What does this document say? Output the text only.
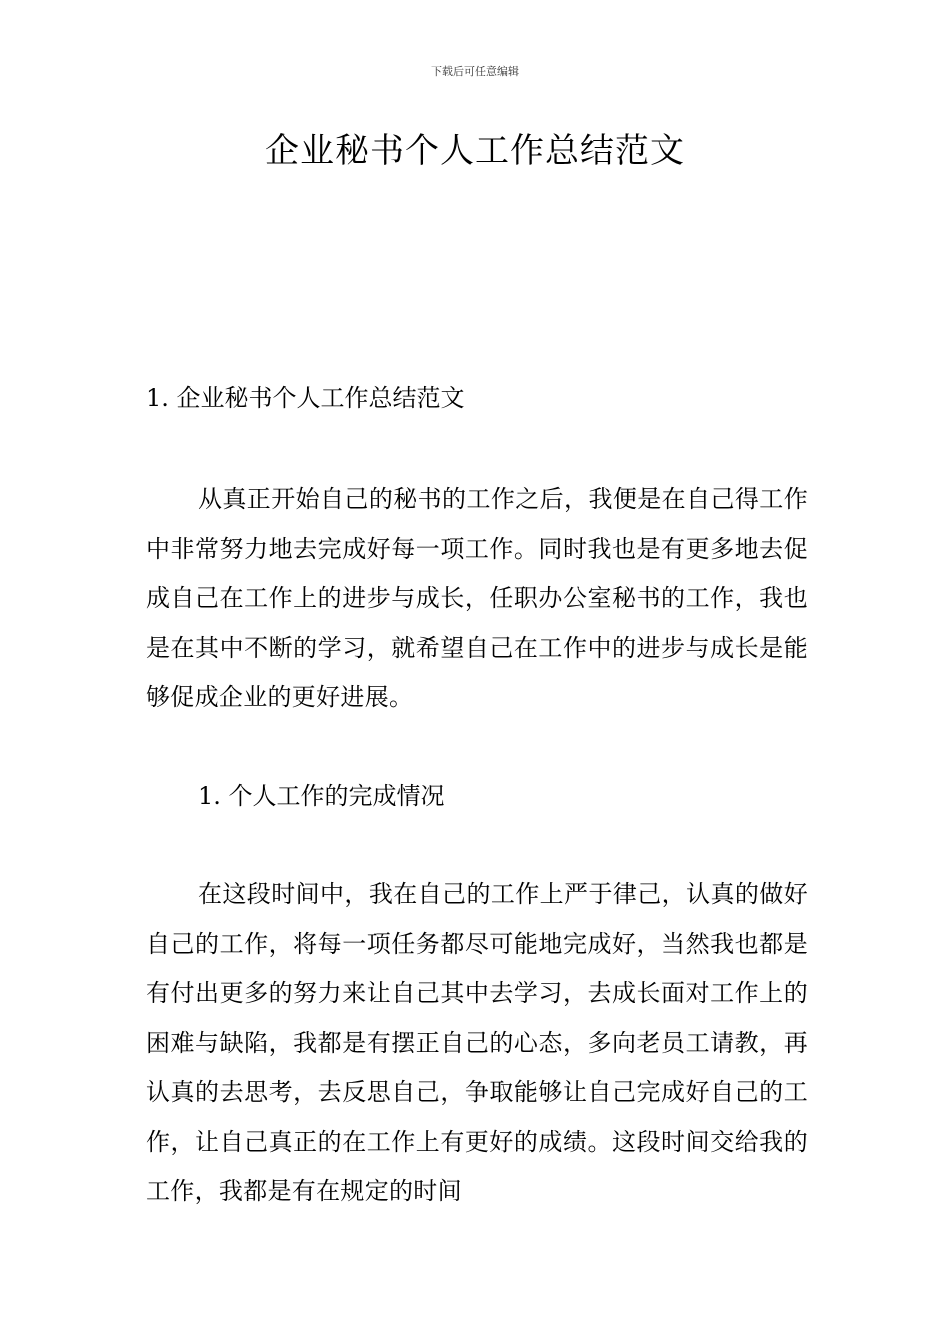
下载后可任意编辑
企业秘书个人工作总结范文
1. 企业秘书个人工作总结范文

从真正开始自己的秘书的工作之后，我便是在自己得工作中非常努力地去完成好每一项工作。同时我也是有更多地去促成自己在工作上的进步与成长，任职办公室秘书的工作，我也是在其中不断的学习，就希望自己在工作中的进步与成长是能够促成企业的更好进展。

1. 个人工作的完成情况

在这段时间中，我在自己的工作上严于律己，认真的做好自己的工作，将每一项任务都尽可能地完成好，当然我也都是有付出更多的努力来让自己其中去学习，去成长面对工作上的困难与缺陷，我都是有摆正自己的心态，多向老员工请教，再认真的去思考，去反思自己，争取能够让自己完成好自己的工作，让自己真正的在工作上有更好的成绩。这段时间交给我的工作，我都是有在规定的时间
